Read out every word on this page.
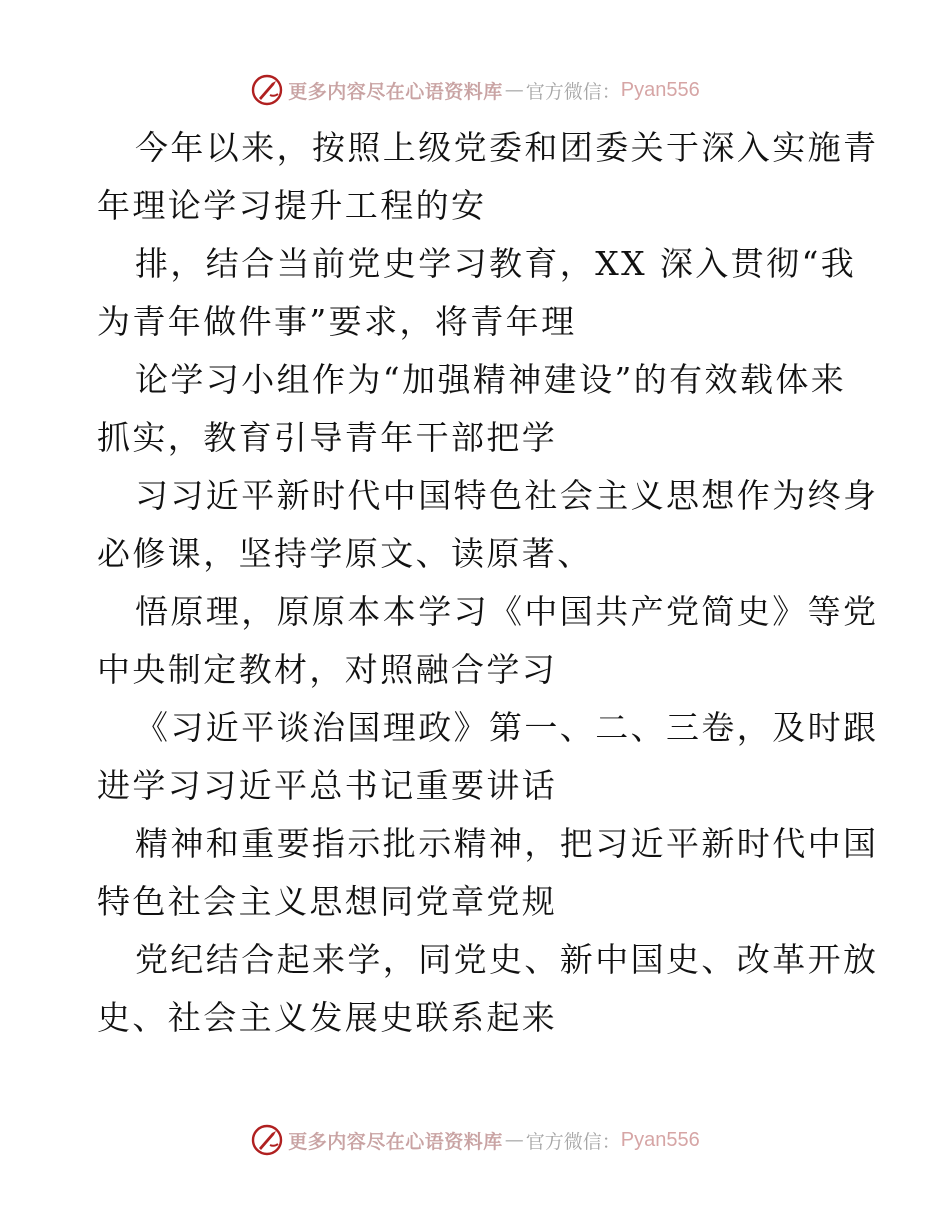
更多内容尽在心语资料库 — 官方微信： Pyan556
今年以来，按照上级党委和团委关于深入实施青
年理论学习提升工程的安
排，结合当前党史学习教育，XX 深入贯彻“我
为青年做件事”要求，将青年理
论学习小组作为“加强精神建设”的有效载体来
抓实，教育引导青年干部把学
习习近平新时代中国特色社会主义思想作为终身
必修课，坚持学原文、读原著、
悟原理，原原本本学习《中国共产党简史》等党
中央制定教材，对照融合学习
《习近平谈治国理政》第一、二、三卷，及时跟
进学习习近平总书记重要讲话
精神和重要指示批示精神，把习近平新时代中国
特色社会主义思想同党章党规
党纪结合起来学，同党史、新中国史、改革开放
史、社会主义发展史联系起来
更多内容尽在心语资料库 — 官方微信： Pyan556
